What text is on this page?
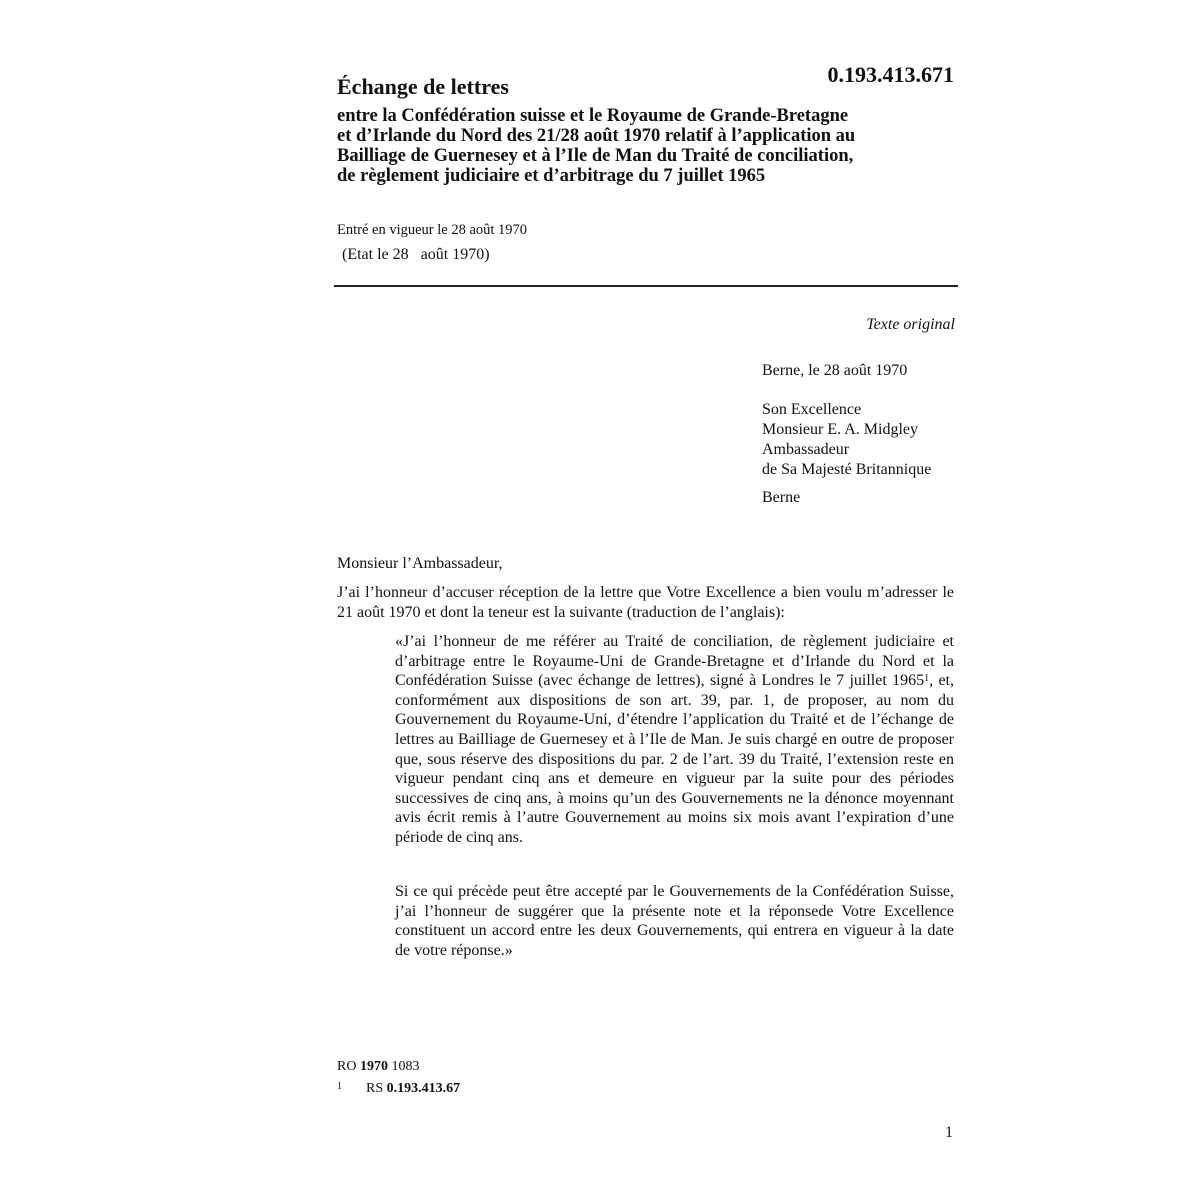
Échange de lettres	0.193.413.671
entre la Confédération suisse et le Royaume de Grande-Bretagne
et d’Irlande du Nord des 21/28 août 1970 relatif à l’application au
Bailliage de Guernesey et à l’Ile de Man du Traité de conciliation,
de règlement judiciaire et d’arbitrage du 7 juillet 1965
Entré en vigueur le 28 août 1970
(Etat le 28   août 1970)
Texte original
Berne, le 28 août 1970
Son Excellence
Monsieur E. A. Midgley
Ambassadeur
de Sa Majesté Britannique
Berne
Monsieur l’Ambassadeur,
J’ai l’honneur d’accuser réception de la lettre que Votre Excellence a bien voulu m’adresser le 21 août 1970 et dont la teneur est la suivante (traduction de l’anglais):

«J’ai l’honneur de me référer au Traité de conciliation, de règlement judiciaire et d’arbitrage entre le Royaume-Uni de Grande-Bretagne et d’Irlande du Nord et la Confédération Suisse (avec échange de lettres), signé à Londres le 7 juillet 1965$^1$, et, conformément aux dispositions de son art. 39, par. 1, de proposer, au nom du Gouvernement du Royaume-Uni, d’étendre l’application du Traité et de l’échange de lettres au Bailliage de Guernesey et à l’Ile de Man. Je suis chargé en outre de proposer que, sous réserve des dispositions du par. 2 de l’art. 39 du Traité, l’extension reste en vigueur pendant cinq ans et demeure en vigueur par la suite pour des périodes successives de cinq ans, à moins qu’un des Gouvernements ne la dénonce moyennant avis écrit remis à l’autre Gouvernement au moins six mois avant l’expiration d’une période de cinq ans.

Si ce qui précède peut être accepté par le Gouvernements de la Confédération Suisse, j’ai l’honneur de suggérer que la présente note et la réponsede Votre Excellence constituent un accord entre les deux Gouvernements, qui entrera en vigueur à la date de votre réponse.»

RO 1970 1083
$^1$ RS 0.193.413.67
1
